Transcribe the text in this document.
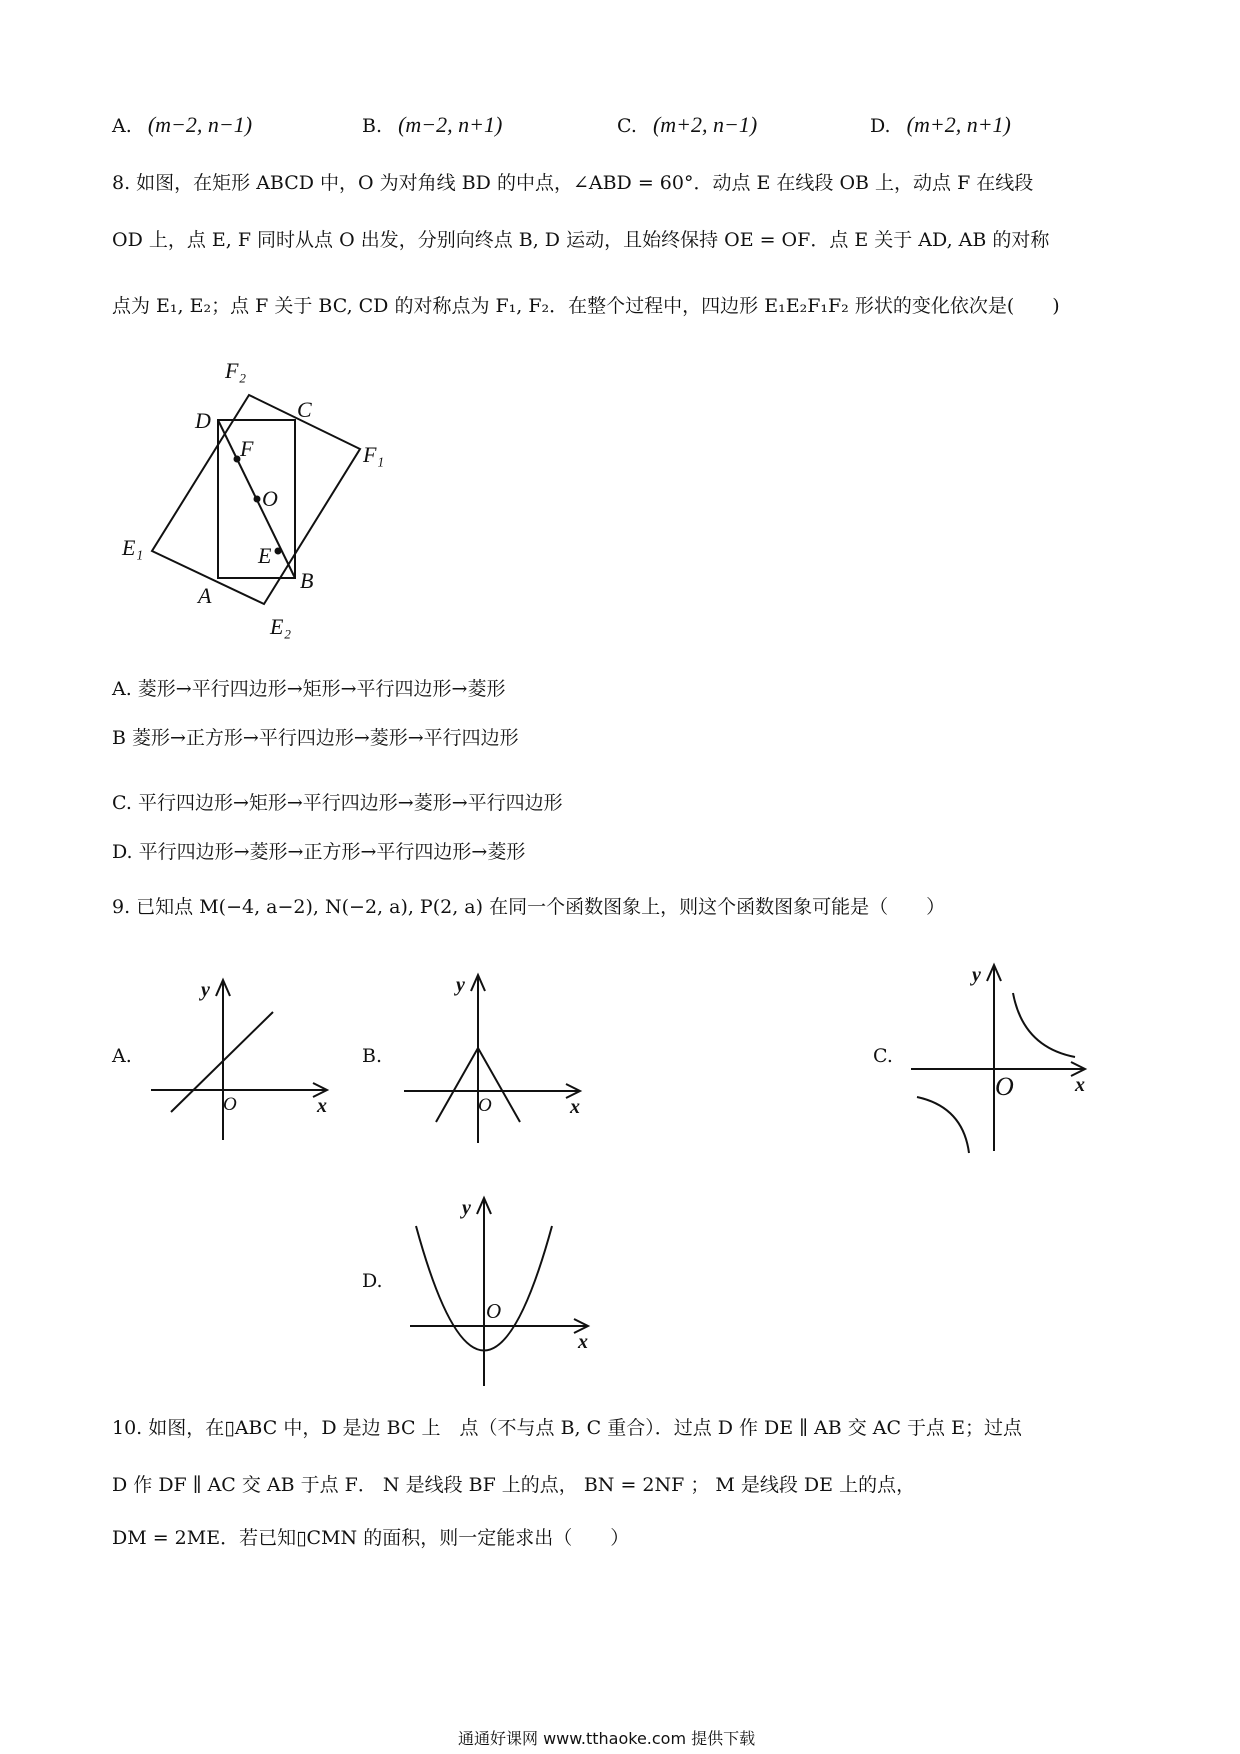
A. (m−2, n−1)	B. (m−2, n+1)	C. (m+2, n−1)	D. (m+2, n+1)
8. 如图，在矩形 ABCD 中，O 为对角线 BD 的中点，∠ABD = 60°．动点 E 在线段 OB 上，动点 F 在线段
OD 上，点 E, F 同时从点 O 出发，分别向终点 B, D 运动，且始终保持 OE = OF．点 E 关于 AD, AB 的对称
点为 E₁, E₂；点 F 关于 BC, CD 的对称点为 F₁, F₂．在整个过程中，四边形 E₁E₂F₁F₂ 形状的变化依次是(　　)
F₂
D	C
F	F₁
O
E₁	E
A
B
E₂
A. 菱形→平行四边形→矩形→平行四边形→菱形
B 菱形→正方形→平行四边形→菱形→平行四边形
C. 平行四边形→矩形→平行四边形→菱形→平行四边形
D. 平行四边形→菱形→正方形→平行四边形→菱形
9. 已知点 M(−4, a−2), N(−2, a), P(2, a) 在同一个函数图象上，则这个函数图象可能是（　　）
A.
y
x
O
B.
y
x
O
C.
y
x
O
D.
y
x
O
10. 如图，在▯ABC 中，D 是边 BC 上　点（不与点 B, C 重合）．过点 D 作 DE ∥ AB 交 AC 于点 E；过点
D 作 DF ∥ AC 交 AB 于点 F． N 是线段 BF 上的点， BN = 2NF ； M 是线段 DE 上的点，
DM = 2ME．若已知▯CMN 的面积，则一定能求出（　　）
通通好课网 www.tthaoke.com 提供下载
